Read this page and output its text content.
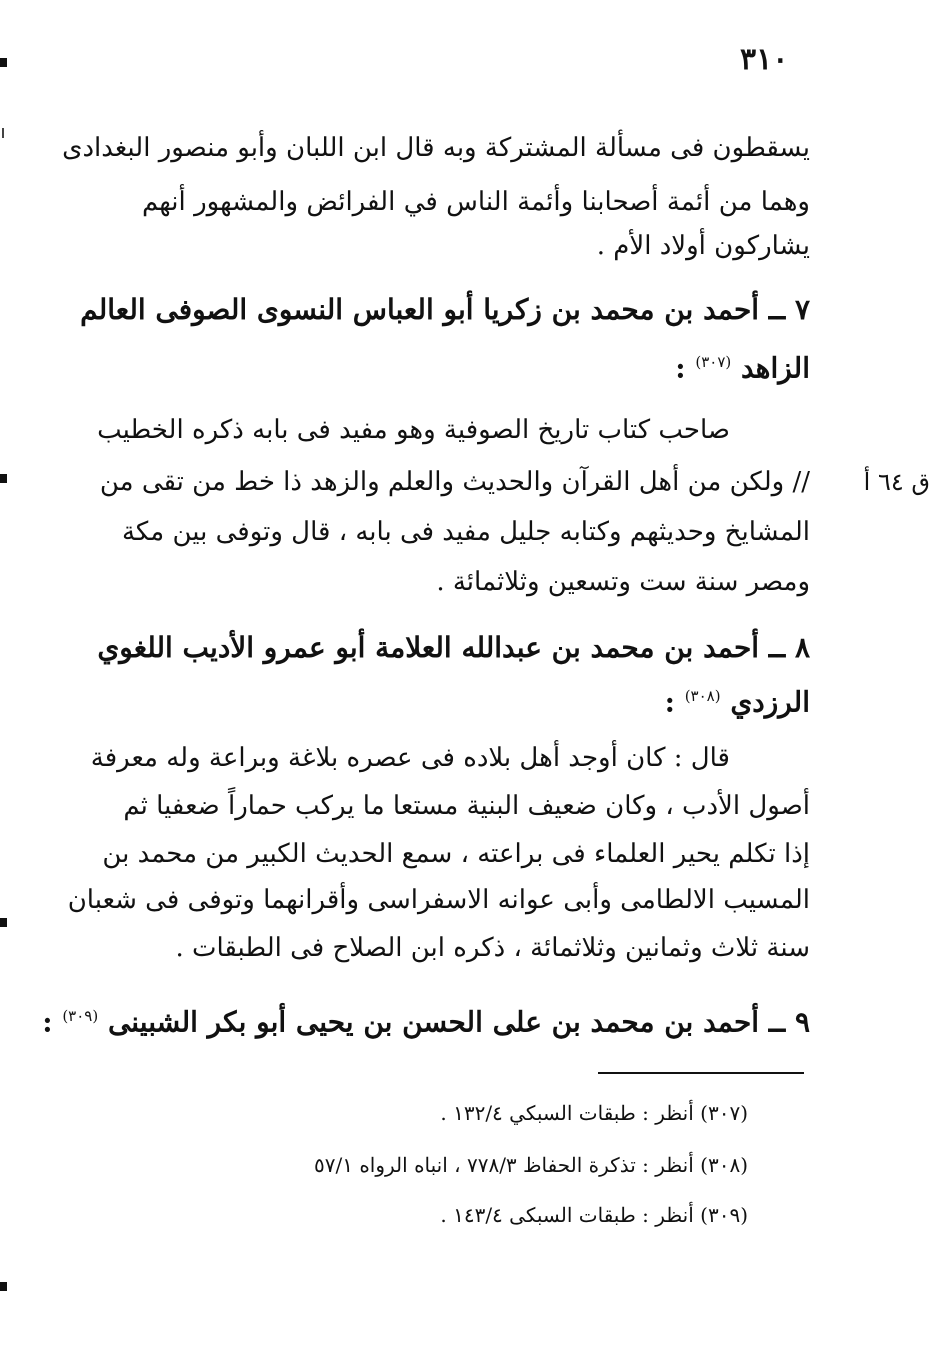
٣١٠
يسقطون فى مسألة المشتركة وبه قال ابن اللبان وأبو منصور البغدادى
وهما من أئمة أصحابنا وأئمة الناس في الفرائض والمشهور أنهم
يشاركون أولاد الأم .
٧ ــ أحمد بن محمد بن زكريا أبو العباس النسوى الصوفى العالم
الزاهد $^{(٣٠٧)}$ :
صاحب كتاب تاريخ الصوفية وهو مفيد فى بابه ذكره الخطيب
// ولكن من أهل القرآن والحديث والعلم والزهد ذا خط من تقى من
المشايخ وحديثهم وكتابه جليل مفيد فى بابه ، قال وتوفى بين مكة
ومصر سنة ست وتسعين وثلاثمائة .
ق ٦٤ أ
٨ ــ أحمد بن محمد بن عبدالله العلامة أبو عمرو الأديب اللغوي
الرزدي $^{(٣٠٨)}$ :
قال : كان أوجد أهل بلاده فى عصره بلاغة وبراعة وله معرفة
أصول الأدب ، وكان ضعيف البنية مستعا ما يركب حماراً ضعفيا ثم
إذا تكلم يحير العلماء فى براعته ، سمع الحديث الكبير من محمد بن
المسيب الالطامى وأبى عوانه الاسفراسى وأقرانهما وتوفى فى شعبان
سنة ثلاث وثمانين وثلاثمائة ، ذكره ابن الصلاح فى الطبقات .
٩ ــ أحمد بن محمد بن على الحسن بن يحيى أبو بكر الشبينى $^{(٣٠٩)}$ :
(٣٠٧) أنظر : طبقات السبكي ١٣٢/٤ .
(٣٠٨) أنظر : تذكرة الحفاظ ٧٧٨/٣ ، انباه الرواه ٥٧/١
(٣٠٩) أنظر : طبقات السبكى ١٤٣/٤ .
